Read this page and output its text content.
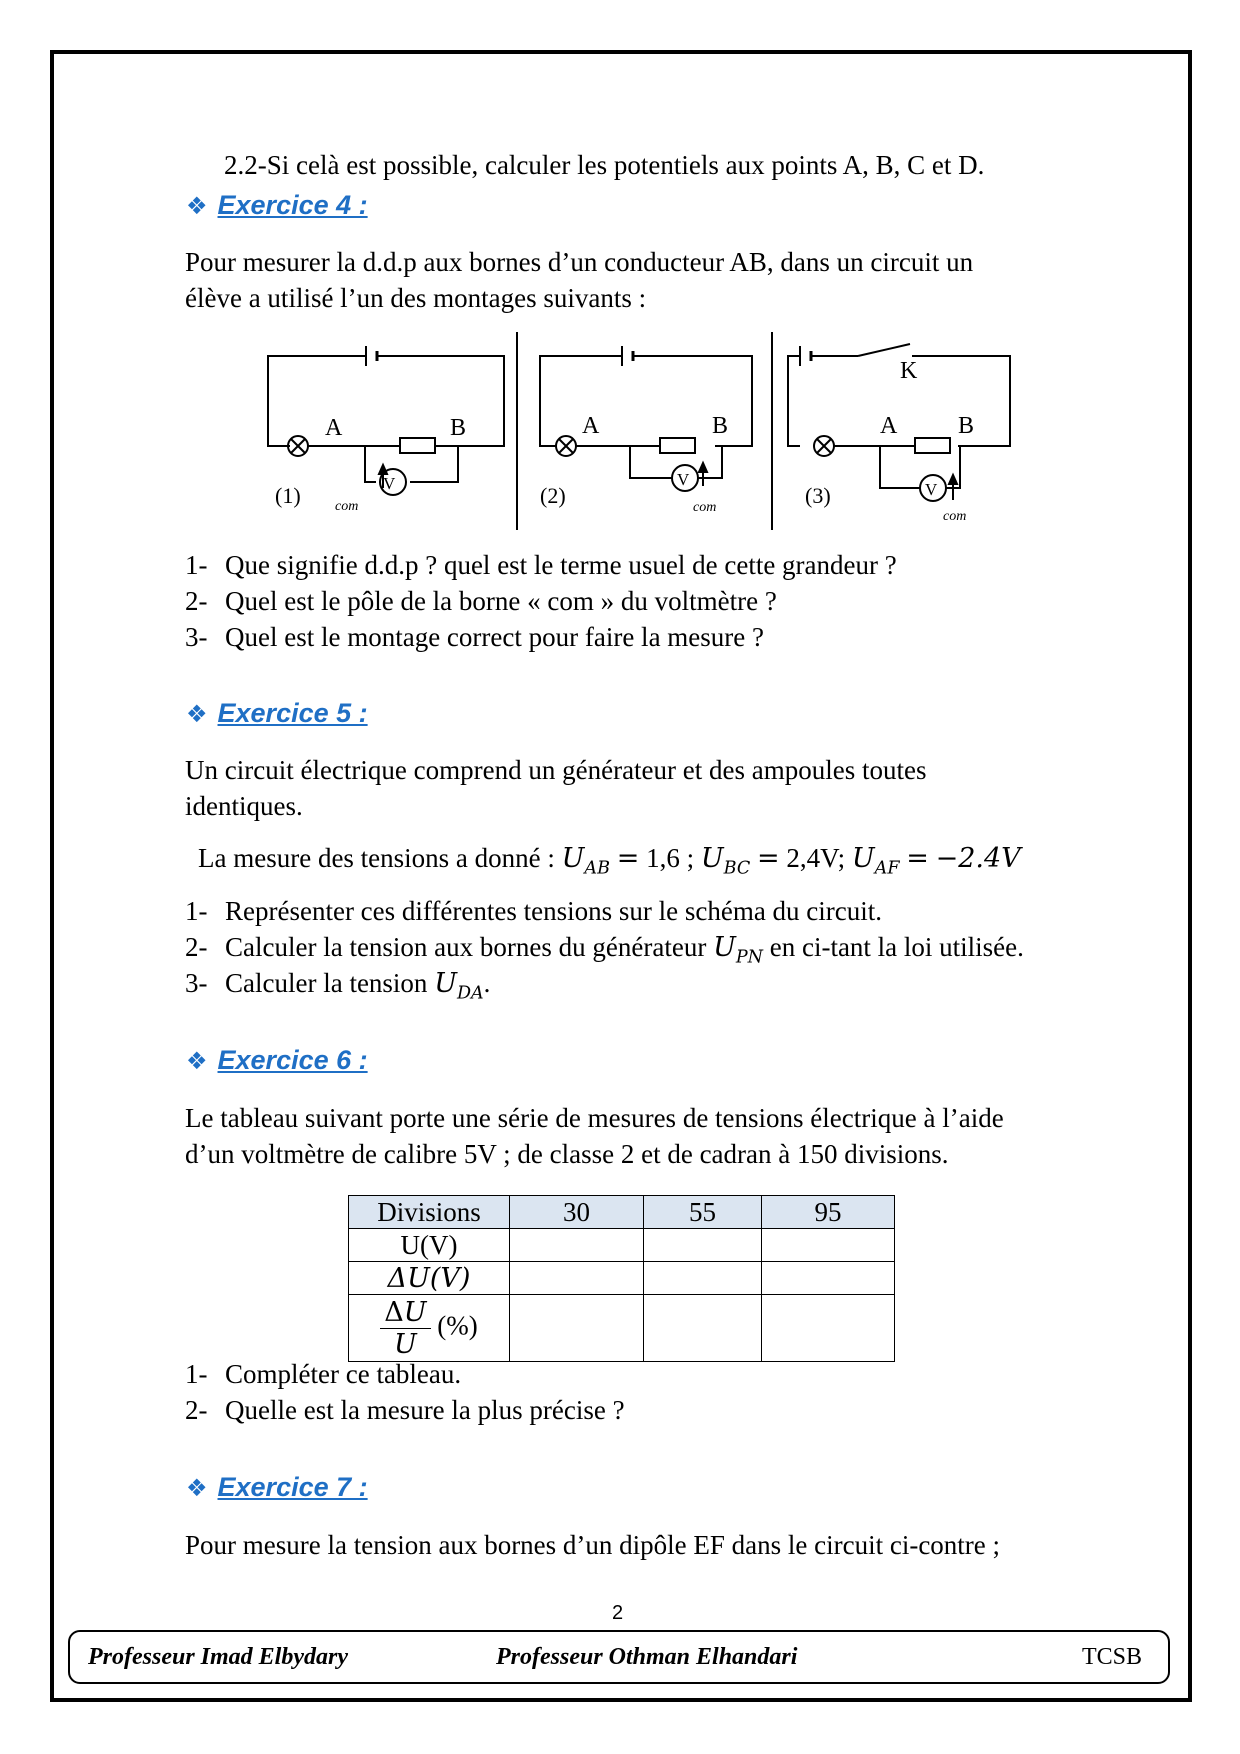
2.2-Si celà est possible, calculer les potentiels aux points A, B, C et D.
❖ Exercice 4 :
Pour mesurer la d.d.p aux bornes d’un conducteur AB, dans un circuit un
élève a utilisé l’un des montages suivants :
A	B
V
(1) com
A	B
V
(2)	com
A	B
K
V
(3)
com
1- Que signifie d.d.p ? quel est le terme usuel de cette grandeur ?
2- Quel est le pôle de la borne « com » du voltmètre ?
3- Quel est le montage correct pour faire la mesure ?
❖ Exercice 5 :
Un circuit électrique comprend un générateur et des ampoules toutes
identiques.
La mesure des tensions a donné : $U_{AB} = 1,6$ ; $U_{BC} = 2,4V$; $U_{AF} = -2.4V$
1- Représenter ces différentes tensions sur le schéma du circuit.
2- Calculer la tension aux bornes du générateur $U_{PN}$ en ci-tant la loi utilisée.
3- Calculer la tension $U_{DA}$.
❖ Exercice 6 :
Le tableau suivant porte une série de mesures de tensions électrique à l’aide
d’un voltmètre de calibre 5V ; de classe 2 et de cadran à 150 divisions.
Divisions	30	55	95
U(V)			
ΔU(V)			

$\frac{\Delta U}{U}$ (%)			
1- Compléter ce tableau.
2- Quelle est la mesure la plus précise ?
❖ Exercice 7 :
Pour mesure la tension aux bornes d’un dipôle EF dans le circuit ci-contre ;
2
Professeur Imad Elbydary	Professeur Othman Elhandari	TCSB
